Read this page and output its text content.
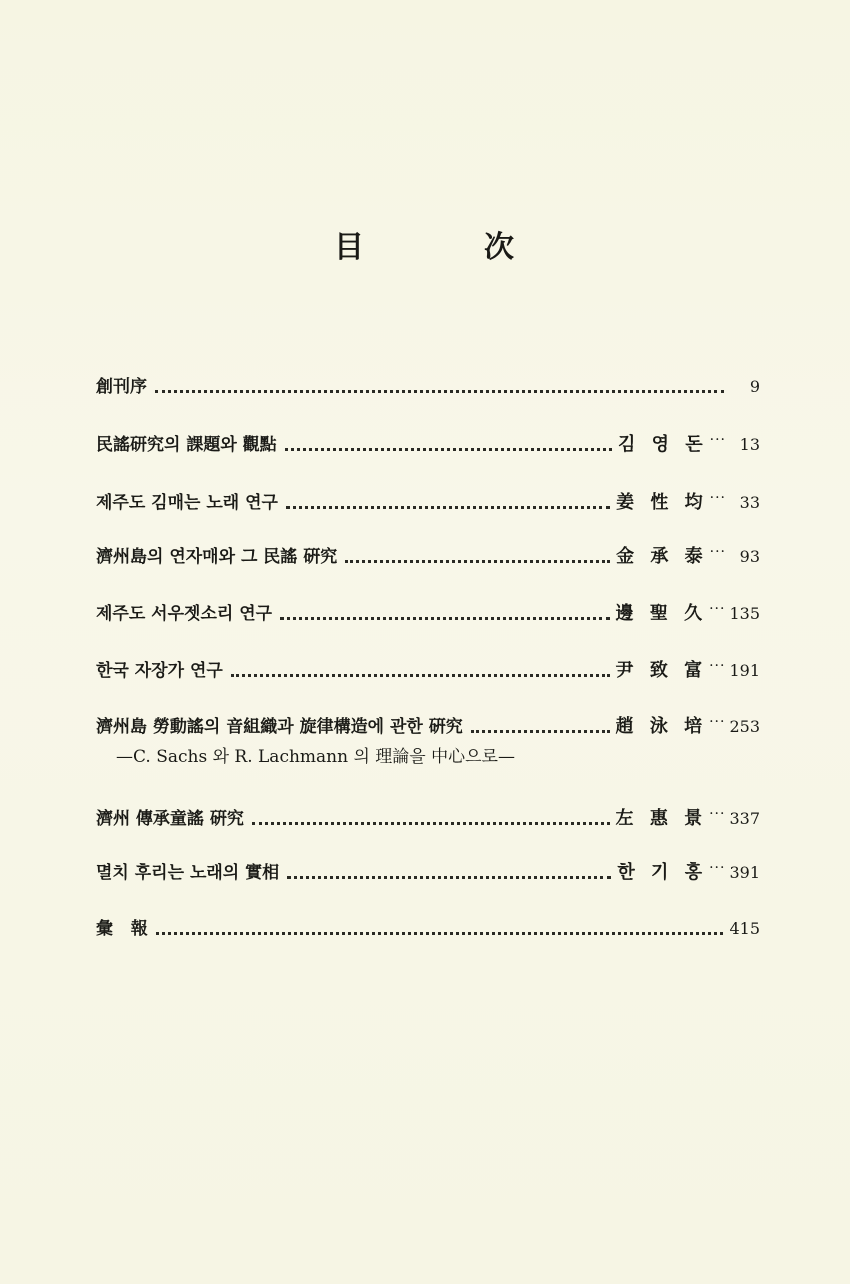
目	次
創刊序	9
民謠研究의 課題와 觀點	김 영 돈 ··· 13
제주도 김매는 노래 연구	姜 性 均 ··· 33
濟州島의 연자매와 그 民謠 硏究	金 承 泰 ··· 93
제주도 서우젯소리 연구	邊 聖 久 ··· 135
한국 자장가 연구	尹 致 富 ··· 191
濟州島 勞動謠의 音組織과 旋律構造에 관한 硏究	趙 泳 培 ··· 253
—C. Sachs 와 R. Lachmann 의 理論을 中心으로—
濟州 傳承童謠 硏究	左 惠 景 ··· 337
멸치 후리는 노래의 實相	한 기 홍 ··· 391
彙   報	415
